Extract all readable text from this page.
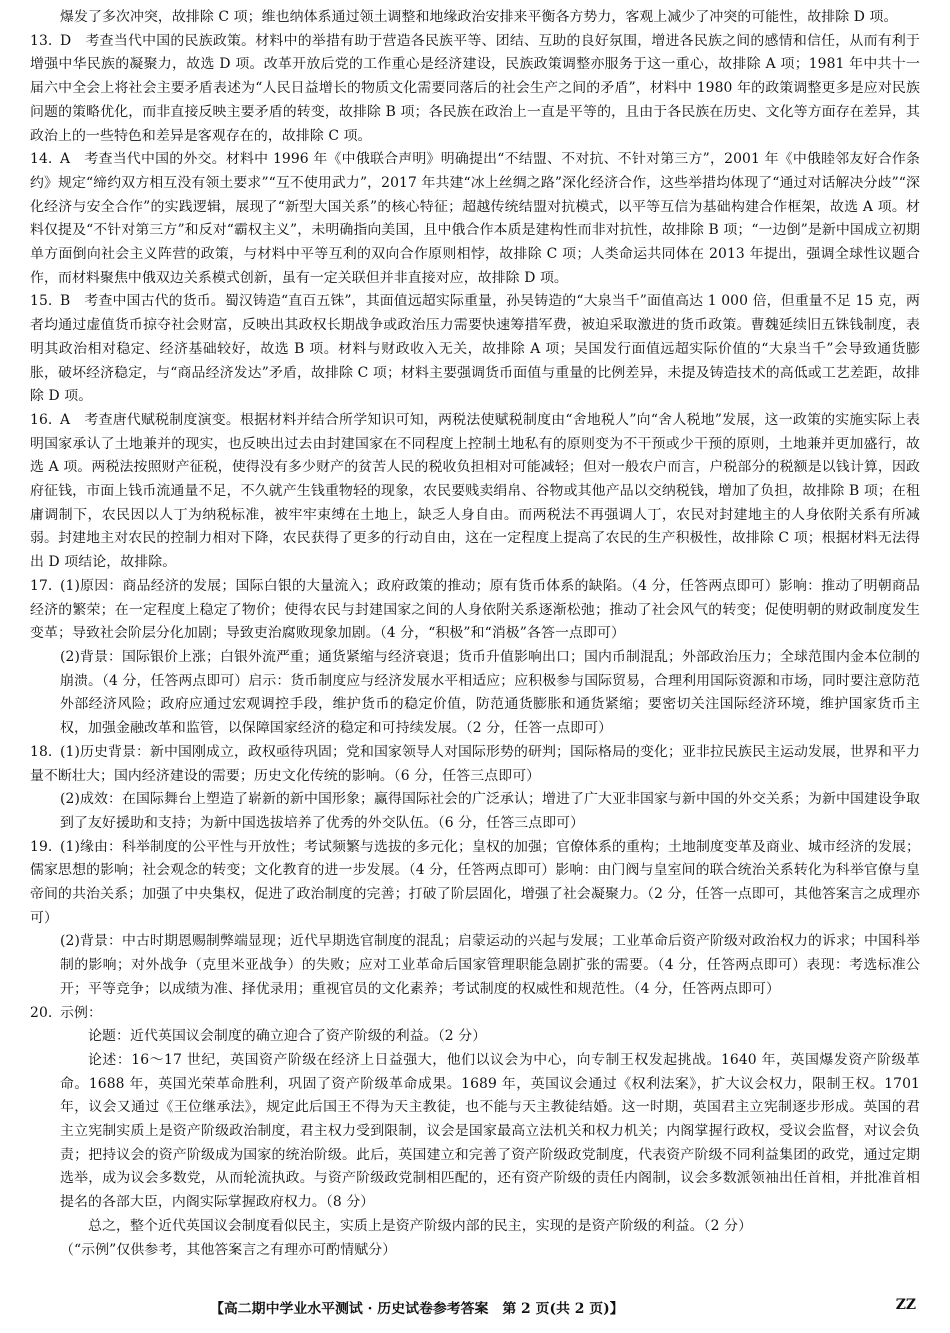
爆发了多次冲突，故排除 C 项；维也纳体系通过领土调整和地缘政治安排来平衡各方势力，客观上减少了冲突的可能性，故排除 D 项。

13. D　考查当代中国的民族政策。材料中的举措有助于营造各民族平等、团结、互助的良好氛围，增进各民族之间的感情和信任，从而有利于增强中华民族的凝聚力，故选 D 项。改革开放后党的工作重心是经济建设，民族政策调整亦服务于这一重心，故排除 A 项；1981 年中共十一届六中全会上将社会主要矛盾表述为“人民日益增长的物质文化需要同落后的社会生产之间的矛盾”，材料中 1980 年的政策调整更多是应对民族问题的策略优化，而非直接反映主要矛盾的转变，故排除 B 项；各民族在政治上一直是平等的，且由于各民族在历史、文化等方面存在差异，其政治上的一些特色和差异是客观存在的，故排除 C 项。

14. A　考查当代中国的外交。材料中 1996 年《中俄联合声明》明确提出“不结盟、不对抗、不针对第三方”，2001 年《中俄睦邻友好合作条约》规定“缔约双方相互没有领土要求”“互不使用武力”，2017 年共建“冰上丝绸之路”深化经济合作，这些举措均体现了“通过对话解决分歧”“深化经济与安全合作”的实践逻辑，展现了“新型大国关系”的核心特征；超越传统结盟对抗模式，以平等互信为基础构建合作框架，故选 A 项。材料仅提及“不针对第三方”和反对“霸权主义”，未明确指向美国，且中俄合作本质是建构性而非对抗性，故排除 B 项；“一边倒”是新中国成立初期单方面倒向社会主义阵营的政策，与材料中平等互利的双向合作原则相悖，故排除 C 项；人类命运共同体在 2013 年提出，强调全球性议题合作，而材料聚焦中俄双边关系模式创新，虽有一定关联但并非直接对应，故排除 D 项。

15. B　考查中国古代的货币。蜀汉铸造“直百五铢”，其面值远超实际重量，孙吴铸造的“大泉当千”面值高达 1 000 倍，但重量不足 15 克，两者均通过虚值货币掠夺社会财富，反映出其政权长期战争或政治压力需要快速筹措军费，被迫采取激进的货币政策。曹魏延续旧五铢钱制度，表明其政治相对稳定、经济基础较好，故选 B 项。材料与财政收入无关，故排除 A 项；吴国发行面值远超实际价值的“大泉当千”会导致通货膨胀，破坏经济稳定，与“商品经济发达”矛盾，故排除 C 项；材料主要强调货币面值与重量的比例差异，未提及铸造技术的高低或工艺差距，故排除 D 项。

16. A　考查唐代赋税制度演变。根据材料并结合所学知识可知，两税法使赋税制度由“舍地税人”向“舍人税地”发展，这一政策的实施实际上表明国家承认了土地兼并的现实，也反映出过去由封建国家在不同程度上控制土地私有的原则变为不干预或少干预的原则，土地兼并更加盛行，故选 A 项。两税法按照财产征税，使得没有多少财产的贫苦人民的税收负担相对可能减轻；但对一般农户而言，户税部分的税额是以钱计算，因政府征钱，市面上钱币流通量不足，不久就产生钱重物轻的现象，农民要贱卖绢帛、谷物或其他产品以交纳税钱，增加了负担，故排除 B 项；在租庸调制下，农民因以人丁为纳税标准，被牢牢束缚在土地上，缺乏人身自由。而两税法不再强调人丁，农民对封建地主的人身依附关系有所减弱。封建地主对农民的控制力相对下降，农民获得了更多的行动自由，这在一定程度上提高了农民的生产积极性，故排除 C 项；根据材料无法得出 D 项结论，故排除。

17. (1)原因：商品经济的发展；国际白银的大量流入；政府政策的推动；原有货币体系的缺陷。（4 分，任答两点即可）影响：推动了明朝商品经济的繁荣；在一定程度上稳定了物价；使得农民与封建国家之间的人身依附关系逐渐松弛；推动了社会风气的转变；促使明朝的财政制度发生变革；导致社会阶层分化加剧；导致吏治腐败现象加剧。（4 分，“积极”和“消极”各答一点即可）

(2)背景：国际银价上涨；白银外流严重；通货紧缩与经济衰退；货币升值影响出口；国内币制混乱；外部政治压力；全球范围内金本位制的崩溃。（4 分，任答两点即可）启示：货币制度应与经济发展水平相适应；应积极参与国际贸易，合理利用国际资源和市场，同时要注意防范外部经济风险；政府应通过宏观调控手段，维护货币的稳定价值，防范通货膨胀和通货紧缩；要密切关注国际经济环境，维护国家货币主权，加强金融改革和监管，以保障国家经济的稳定和可持续发展。（2 分，任答一点即可）

18. (1)历史背景：新中国刚成立，政权亟待巩固；党和国家领导人对国际形势的研判；国际格局的变化；亚非拉民族民主运动发展，世界和平力量不断壮大；国内经济建设的需要；历史文化传统的影响。（6 分，任答三点即可）

(2)成效：在国际舞台上塑造了崭新的新中国形象；赢得国际社会的广泛承认；增进了广大亚非国家与新中国的外交关系；为新中国建设争取到了友好援助和支持；为新中国选拔培养了优秀的外交队伍。（6 分，任答三点即可）

19. (1)缘由：科举制度的公平性与开放性；考试频繁与选拔的多元化；皇权的加强；官僚体系的重构；土地制度变革及商业、城市经济的发展；儒家思想的影响；社会观念的转变；文化教育的进一步发展。（4 分，任答两点即可）影响：由门阀与皇室间的联合统治关系转化为科举官僚与皇帝间的共治关系；加强了中央集权，促进了政治制度的完善；打破了阶层固化，增强了社会凝聚力。（2 分，任答一点即可，其他答案言之成理亦可）

(2)背景：中古时期恩赐制弊端显现；近代早期选官制度的混乱；启蒙运动的兴起与发展；工业革命后资产阶级对政治权力的诉求；中国科举制的影响；对外战争（克里米亚战争）的失败；应对工业革命后国家管理职能急剧扩张的需要。（4 分，任答两点即可）表现：考选标准公开；平等竞争；以成绩为准、择优录用；重视官员的文化素养；考试制度的权威性和规范性。（4 分，任答两点即可）

20. 示例：

论题：近代英国议会制度的确立迎合了资产阶级的利益。（2 分）

论述：16～17 世纪，英国资产阶级在经济上日益强大，他们以议会为中心，向专制王权发起挑战。1640 年，英国爆发资产阶级革命。1688 年，英国光荣革命胜利，巩固了资产阶级革命成果。1689 年，英国议会通过《权利法案》，扩大议会权力，限制王权。1701 年，议会又通过《王位继承法》，规定此后国王不得为天主教徒，也不能与天主教徒结婚。这一时期，英国君主立宪制逐步形成。英国的君主立宪制实质上是资产阶级政治制度，君主权力受到限制，议会是国家最高立法机关和权力机关；内阁掌握行政权，受议会监督，对议会负责；把持议会的资产阶级成为国家的统治阶级。此后，英国建立和完善了资产阶级政党制度，代表资产阶级不同利益集团的政党，通过定期选举，成为议会多数党，从而轮流执政。与资产阶级政党制相匹配的，还有资产阶级的责任内阁制，议会多数派领袖出任首相，并批准首相提名的各部大臣，内阁实际掌握政府权力。（8 分）

总之，整个近代英国议会制度看似民主，实质上是资产阶级内部的民主，实现的是资产阶级的利益。（2 分）

（“示例”仅供参考，其他答案言之有理亦可酌情赋分）

【高二期中学业水平测试 · 历史试卷参考答案　第 2 页(共 2 页)】	ZZ
